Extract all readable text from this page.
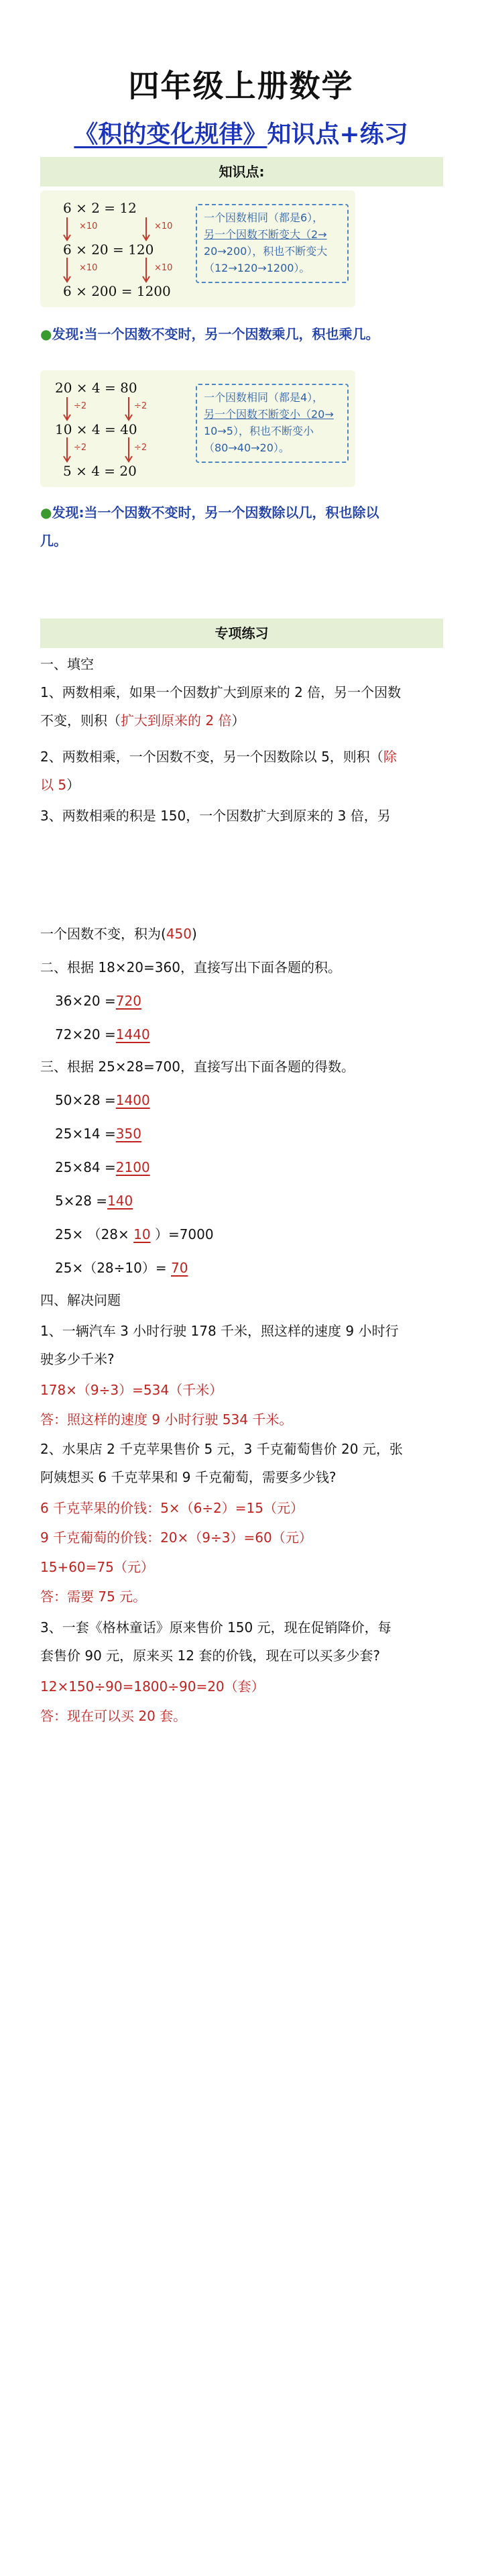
四年级上册数学
《积的变化规律》知识点+练习
知识点:
6 × 2 = 12
6 × 20 = 120
6 × 200 = 1200
×10	×10
×10	×10
一个因数相同（都是6），
另一个因数不断变大（2→
20→200），积也不断变大
（12→120→1200）。
●发现:当一个因数不变时，另一个因数乘几，积也乘几。
20 × 4 = 80
10 × 4 = 40
5 × 4 = 20
÷2	÷2
÷2	÷2
一个因数相同（都是4），
另一个因数不断变小（20→
10→5），积也不断变小
（80→40→20）。
●发现:当一个因数不变时，另一个因数除以几，积也除以
几。
专项练习
一、填空
1、两数相乘，如果一个因数扩大到原来的 2 倍，另一个因数
不变，则积（扩大到原来的 2 倍）
2、两数相乘，一个因数不变，另一个因数除以 5，则积（除
以 5）
3、两数相乘的积是 150，一个因数扩大到原来的 3 倍，另
一个因数不变，积为(450)
二、根据 18×20=360，直接写出下面各题的积。
36×20 =720
72×20 =1440
三、根据 25×28=700，直接写出下面各题的得数。
50×28 =1400
25×14 =350
25×84 =2100
5×28 =140
25× （28× 10 ）=7000
25×（28÷10）= 70
四、解决问题
1、一辆汽车 3 小时行驶 178 千米，照这样的速度 9 小时行
驶多少千米?
178×（9÷3）=534（千米）
答：照这样的速度 9 小时行驶 534 千米。
2、水果店 2 千克苹果售价 5 元，3 千克葡萄售价 20 元，张
阿姨想买 6 千克苹果和 9 千克葡萄，需要多少钱?
6 千克苹果的价钱：5×（6÷2）=15（元）
9 千克葡萄的价钱：20×（9÷3）=60（元）
15+60=75（元）
答：需要 75 元。
3、一套《格林童话》原来售价 150 元，现在促销降价，每
套售价 90 元，原来买 12 套的价钱，现在可以买多少套?
12×150÷90=1800÷90=20（套）
答：现在可以买 20 套。
